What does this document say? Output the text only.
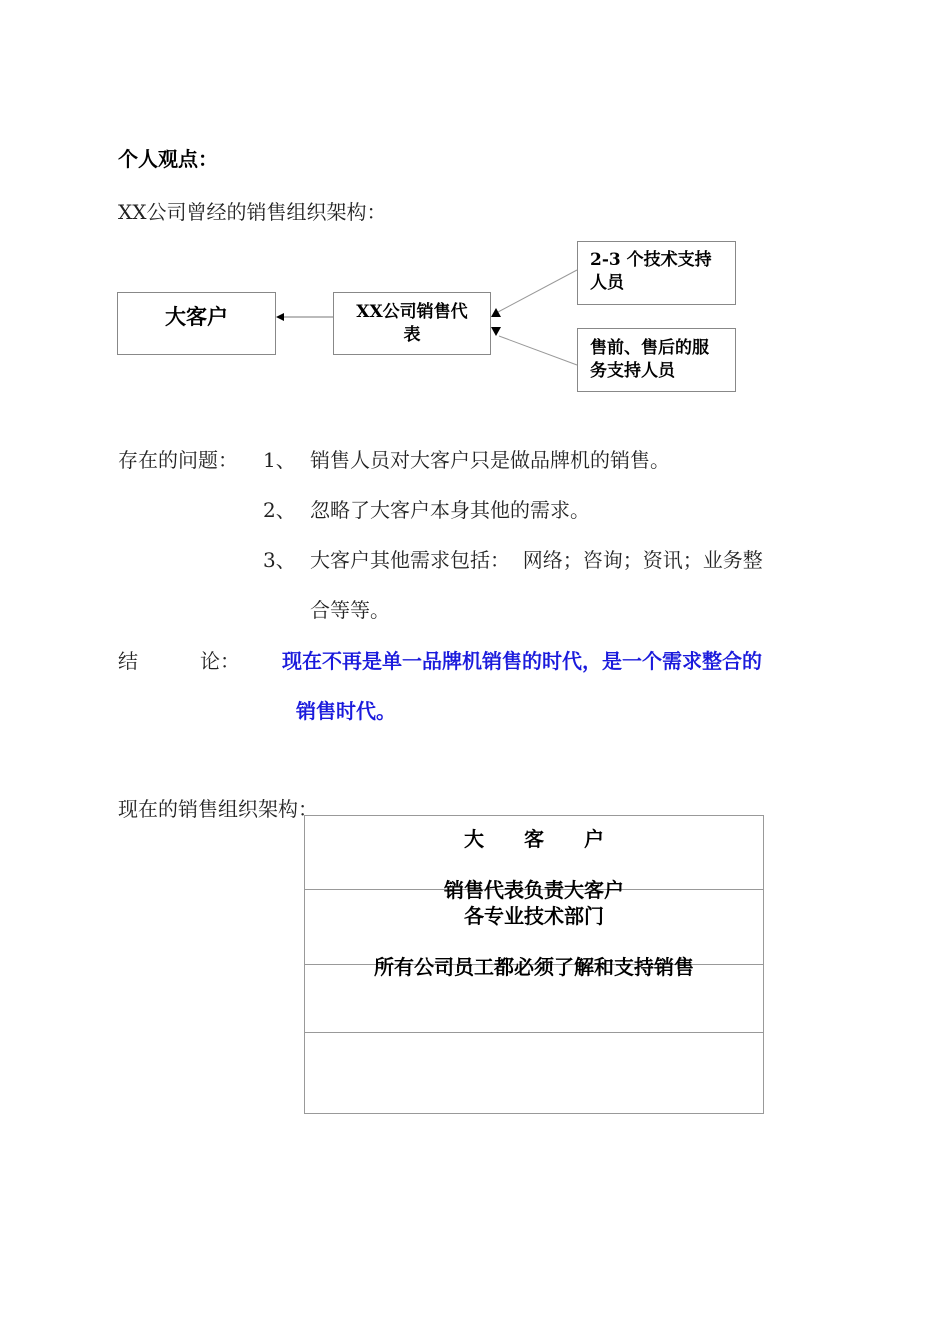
个人观点：
XX公司曾经的销售组织架构：
大客户	XX公司销售代
表
2-3 个技术支持
人员
售前、售后的服
务支持人员
存在的问题： 1、 销售人员对大客户只是做品牌机的销售。
2、 忽略了大客户本身其他的需求。
3、 大客户其他需求包括：  网络；咨询；资讯；业务整
合等等。
结	论： 现在不再是单一品牌机销售的时代，是一个需求整合的
销售时代。
现在的销售组织架构：
大　　客　　户
销售代表负责大客户
各专业技术部门
所有公司员工都必须了解和支持销售
